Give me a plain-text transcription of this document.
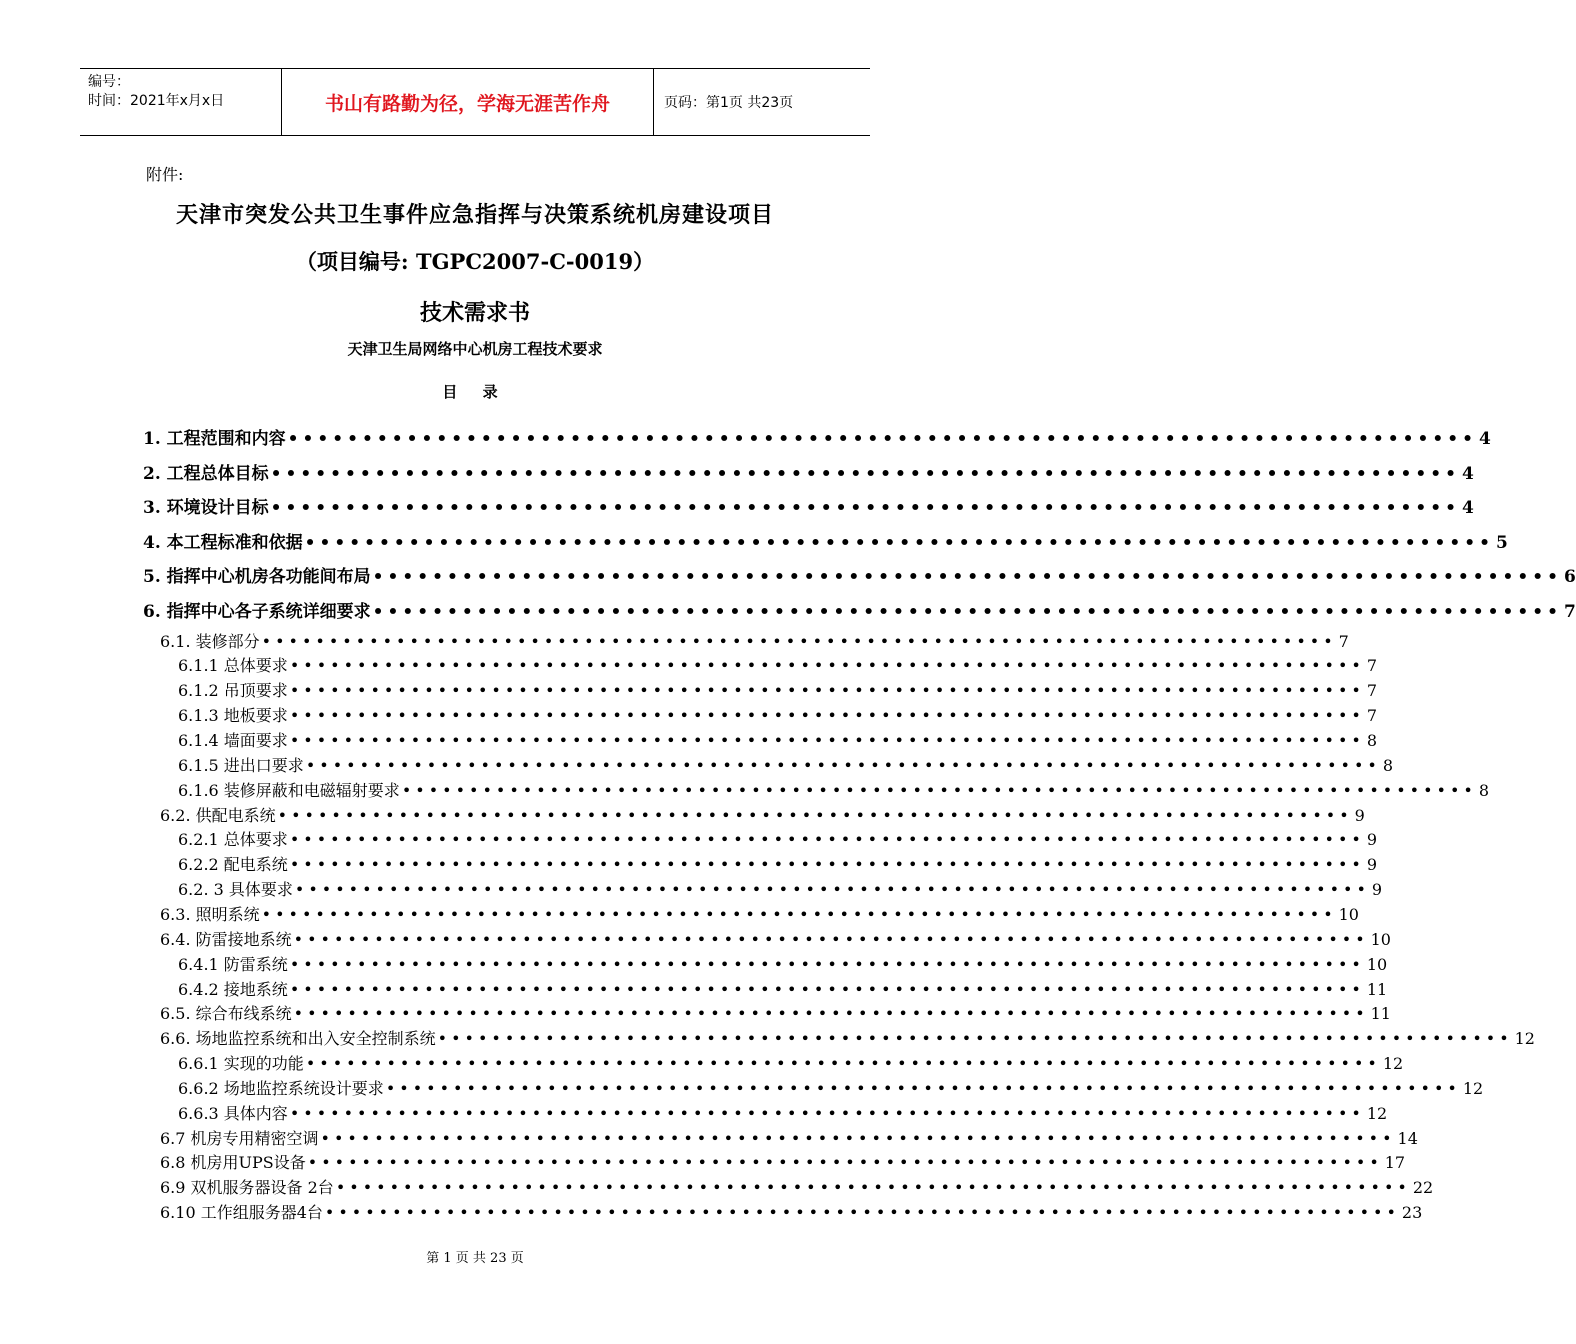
编号：
时间：2021年x月x日	书山有路勤为径，学海无涯苦作舟	页码：第1页 共23页
附件:
天津市突发公共卫生事件应急指挥与决策系统机房建设项目
（项目编号: TGPC2007-C-0019）
技术需求书
天津卫生局网络中心机房工程技术要求
目 录
1. 工程范围和内容 •••••••••••••••••••••••••••••••••••••••••••••••••••••••••••••••••••••••••••••••• 4
2. 工程总体目标 •••••••••••••••••••••••••••••••••••••••••••••••••••••••••••••••••••••••••••••••• 4
3. 环境设计目标 •••••••••••••••••••••••••••••••••••••••••••••••••••••••••••••••••••••••••••••••• 4
4. 本工程标准和依据 •••••••••••••••••••••••••••••••••••••••••••••••••••••••••••••••••••••••••••••••• 5
5. 指挥中心机房各功能间布局 •••••••••••••••••••••••••••••••••••••••••••••••••••••••••••••••••••••••••••••••• 6
6. 指挥中心各子系统详细要求 •••••••••••••••••••••••••••••••••••••••••••••••••••••••••••••••••••••••••••••••• 7
6.1. 装修部分 •••••••••••••••••••••••••••••••••••••••••••••••••••••••••••••••••••••••••••••••• 7
6.1.1 总体要求 •••••••••••••••••••••••••••••••••••••••••••••••••••••••••••••••••••••••••••••••• 7
6.1.2 吊顶要求 •••••••••••••••••••••••••••••••••••••••••••••••••••••••••••••••••••••••••••••••• 7
6.1.3 地板要求 •••••••••••••••••••••••••••••••••••••••••••••••••••••••••••••••••••••••••••••••• 7
6.1.4 墙面要求 •••••••••••••••••••••••••••••••••••••••••••••••••••••••••••••••••••••••••••••••• 8
6.1.5 进出口要求 •••••••••••••••••••••••••••••••••••••••••••••••••••••••••••••••••••••••••••••••• 8
6.1.6 装修屏蔽和电磁辐射要求 •••••••••••••••••••••••••••••••••••••••••••••••••••••••••••••••••••••••••••••••• 8
6.2. 供配电系统 •••••••••••••••••••••••••••••••••••••••••••••••••••••••••••••••••••••••••••••••• 9
6.2.1 总体要求 •••••••••••••••••••••••••••••••••••••••••••••••••••••••••••••••••••••••••••••••• 9
6.2.2 配电系统 •••••••••••••••••••••••••••••••••••••••••••••••••••••••••••••••••••••••••••••••• 9
6.2. 3 具体要求 •••••••••••••••••••••••••••••••••••••••••••••••••••••••••••••••••••••••••••••••• 9
6.3. 照明系统 •••••••••••••••••••••••••••••••••••••••••••••••••••••••••••••••••••••••••••••••• 10
6.4. 防雷接地系统 •••••••••••••••••••••••••••••••••••••••••••••••••••••••••••••••••••••••••••••••• 10
6.4.1 防雷系统 •••••••••••••••••••••••••••••••••••••••••••••••••••••••••••••••••••••••••••••••• 10
6.4.2 接地系统 •••••••••••••••••••••••••••••••••••••••••••••••••••••••••••••••••••••••••••••••• 11
6.5. 综合布线系统 •••••••••••••••••••••••••••••••••••••••••••••••••••••••••••••••••••••••••••••••• 11
6.6. 场地监控系统和出入安全控制系统 •••••••••••••••••••••••••••••••••••••••••••••••••••••••••••••••••••••••••••••••• 12
6.6.1 实现的功能 •••••••••••••••••••••••••••••••••••••••••••••••••••••••••••••••••••••••••••••••• 12
6.6.2 场地监控系统设计要求 •••••••••••••••••••••••••••••••••••••••••••••••••••••••••••••••••••••••••••••••• 12
6.6.3 具体内容 •••••••••••••••••••••••••••••••••••••••••••••••••••••••••••••••••••••••••••••••• 12
6.7 机房专用精密空调 •••••••••••••••••••••••••••••••••••••••••••••••••••••••••••••••••••••••••••••••• 14
6.8 机房用UPS设备 •••••••••••••••••••••••••••••••••••••••••••••••••••••••••••••••••••••••••••••••• 17
6.9 双机服务器设备 2台 •••••••••••••••••••••••••••••••••••••••••••••••••••••••••••••••••••••••••••••••• 22
6.10 工作组服务器4台 •••••••••••••••••••••••••••••••••••••••••••••••••••••••••••••••••••••••••••••••• 23
第 1 页 共 23 页
